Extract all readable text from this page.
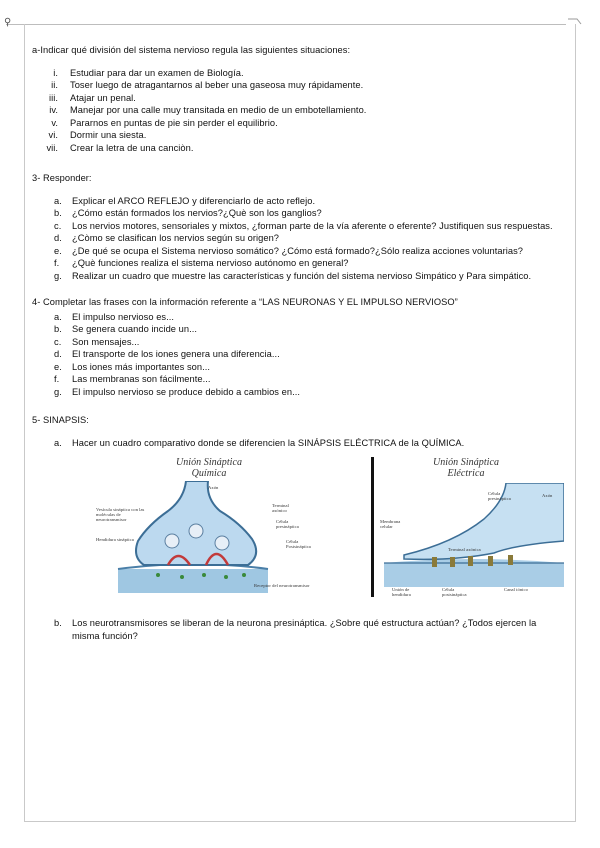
⚲

a-Indicar qué división del sistema nervioso regula las siguientes situaciones:

i.	Estudiar para dar un examen de Biología.
ii.	Toser luego de atragantarnos al beber una gaseosa muy rápidamente.
iii.	Atajar un penal.
iv.	Manejar por una calle muy transitada en medio de un embotellamiento.
v.	Pararnos en puntas de pie sin perder el equilibrio.
vi.	Dormir una siesta.
vii.	Crear la letra de una canciòn.

3- Responder:

a.	Explicar el ARCO REFLEJO y diferenciarlo de acto reflejo.
b.	¿Cómo están formados los nervios?¿Què son los ganglios?
c.	Los nervios motores, sensoriales y mixtos, ¿forman parte de la vía aferente o eferente? Justifiquen sus respuestas.
d.	¿Còmo se clasifican los nervios según su origen?
e.	¿De qué se ocupa el Sistema nervioso somático? ¿Cómo está formado?¿Sólo realiza acciones voluntarias?
f.	¿Què funciones realiza el sistema nervioso autónomo en general?
g.	Realizar un cuadro que muestre las características y función del sistema nervioso Simpático y Para simpático.

4- Completar las frases con la información referente a “LAS NEURONAS Y EL IMPULSO NERVIOSO”

a.	El impulso nervioso es...
b.	Se genera cuando incide un...
c.	Son mensajes...
d.	El transporte de los iones genera una diferencia...
e.	Los iones más importantes son...
f.	Las membranas son fácilmente...
g.	El impulso nervioso se produce debido a cambios en...

5- SINAPSIS:

a.	Hacer un cuadro comparativo donde se diferencien la SINÁPSIS ELÉCTRICA de la QUÍMICA.
Unión Sináptica
Química
Axón
Vesícula sináptica con las moléculas de neurotransmisor
Terminal axónico
Célula presináptica
Hendidura sináptica	Célula Postsináptica
Receptor del neurotransmisor
Unión Sináptica
Eléctrica
Célula presináptica
Axón
Membrana celular
Terminal axónica
Unión de hendidura
Célula postsináptica
Canal iónico
b.	Los neurotransmisores se liberan de la neurona presináptica. ¿Sobre qué estructura actúan? ¿Todos ejercen la misma función?
